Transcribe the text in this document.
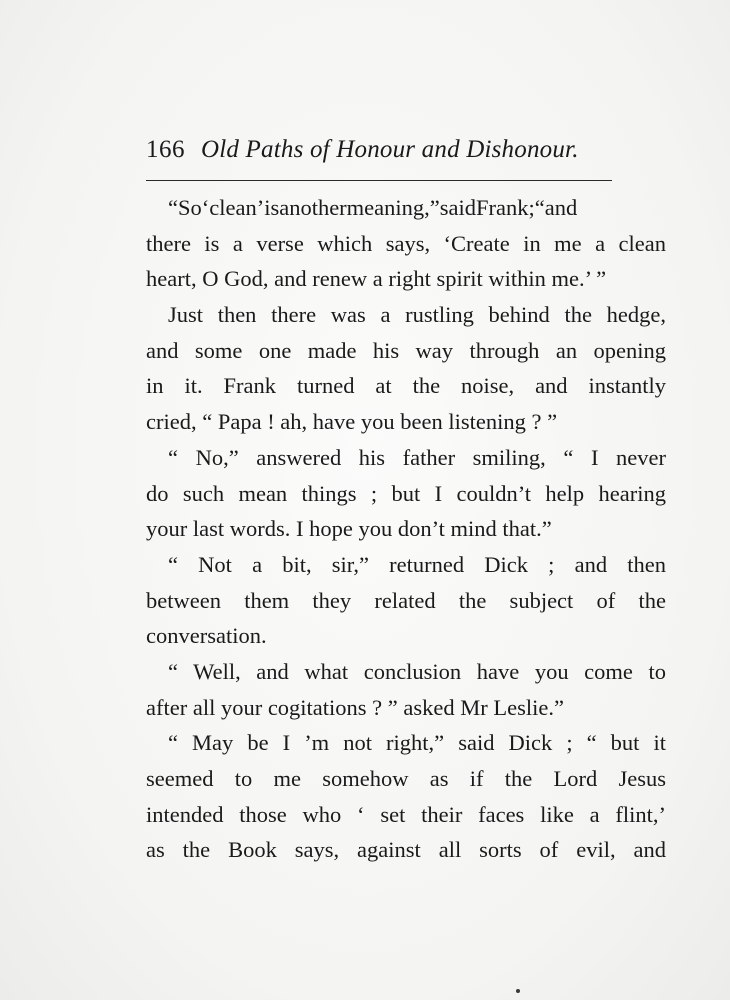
166 Old Paths of Honour and Dishonour.
“So‘clean’isanothermeaning,”saidFrank;“and
there is a verse which says, ‘Create in me a clean
heart, O God, and renew a right spirit within me.’ ”
Just then there was a rustling behind the hedge,
and some one made his way through an opening
in it. Frank turned at the noise, and instantly
cried, “ Papa ! ah, have you been listening ? ”
“ No,” answered his father smiling, “ I never
do such mean things ; but I couldn’t help hearing
your last words. I hope you don’t mind that.”
“ Not a bit, sir,” returned Dick ; and then
between them they related the subject of the
conversation.
“ Well, and what conclusion have you come to
after all your cogitations ? ” asked Mr Leslie.”
“ May be I ’m not right,” said Dick ; “ but it
seemed to me somehow as if the Lord Jesus
intended those who ‘ set their faces like a flint,’
as the Book says, against all sorts of evil, and
